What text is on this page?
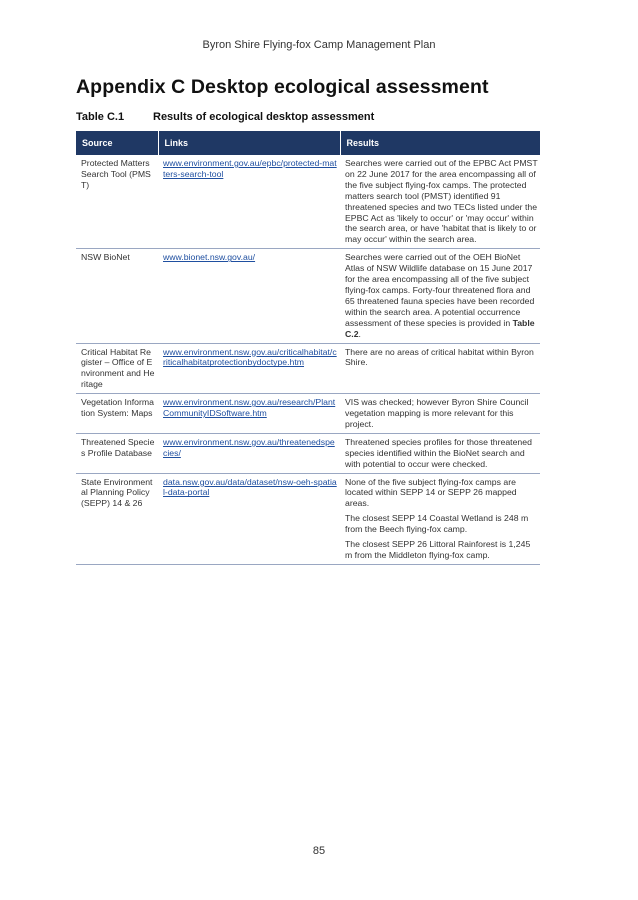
Byron Shire Flying-fox Camp Management Plan
Appendix C Desktop ecological assessment
Table C.1	Results of ecological desktop assessment
Source	Links	Results
Protected Matters Search Tool (PMST)	www.environment.gov.au/epbc/protected-matters-search-tool	Searches were carried out of the EPBC Act PMST on 22 June 2017 for the area encompassing all of the five subject flying-fox camps. The protected matters search tool (PMST) identified 91 threatened species and two TECs listed under the EPBC Act as 'likely to occur' or 'may occur' within the search area, or have 'habitat that is likely to or may occur' within the search area.

NSW BioNet	www.bionet.nsw.gov.au/	Searches were carried out of the OEH BioNet Atlas of NSW Wildlife database on 15 June 2017 for the area encompassing all of the five subject flying-fox camps. Forty-four threatened flora and 65 threatened fauna species have been recorded within the search area. A potential occurrence assessment of these species is provided in Table C.2.

Critical Habitat Register – Office of Environment and Heritage	www.environment.nsw.gov.au/criticalhabitat/criticalhabitatprotectionbydoctype.htm	There are no areas of critical habitat within Byron Shire.

Vegetation Information System: Maps	www.environment.nsw.gov.au/research/PlantCommunityIDSoftware.htm	VIS was checked; however Byron Shire Council vegetation mapping is more relevant for this project.

Threatened Species Profile Database	www.environment.nsw.gov.au/threatenedspecies/	Threatened species profiles for those threatened species identified within the BioNet search and with potential to occur were checked.

State Environmental Planning Policy (SEPP) 14 & 26	data.nsw.gov.au/data/dataset/nsw-oeh-spatial-data-portal	None of the five subject flying-fox camps are located within SEPP 14 or SEPP 26 mapped areas.

The closest SEPP 14 Coastal Wetland is 248 m from the Beech flying-fox camp.

The closest SEPP 26 Littoral Rainforest is 1,245 m from the Middleton flying-fox camp.

85
